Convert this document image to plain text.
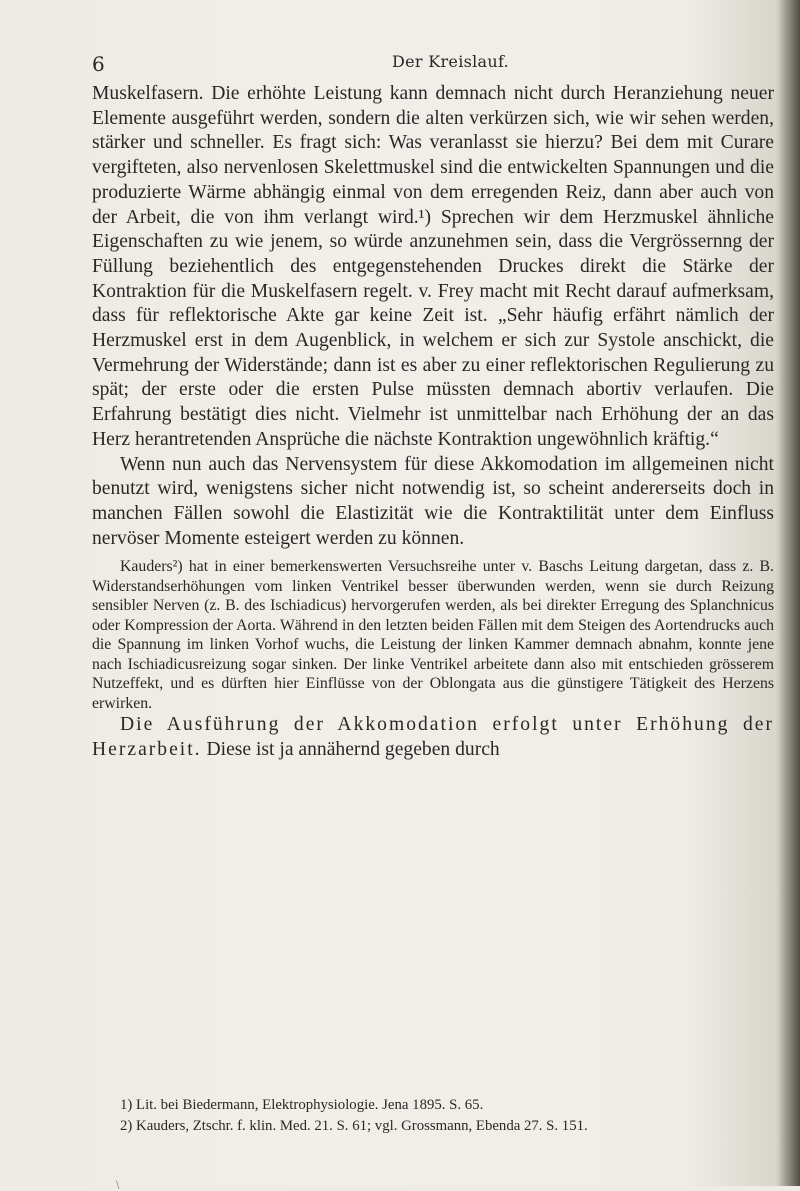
6	Der Kreislauf.

Muskelfasern. Die erhöhte Leistung kann demnach nicht durch Heranziehung neuer Elemente ausgeführt werden, sondern die alten verkürzen sich, wie wir sehen werden, stärker und schneller. Es fragt sich: Was veranlasst sie hierzu? Bei dem mit Curare vergifteten, also nervenlosen Skelettmuskel sind die entwickelten Spannungen und die produzierte Wärme abhängig einmal von dem erregenden Reiz, dann aber auch von der Arbeit, die von ihm verlangt wird.¹) Sprechen wir dem Herzmuskel ähnliche Eigenschaften zu wie jenem, so würde anzunehmen sein, dass die Vergrössernng der Füllung beziehentlich des entgegenstehenden Druckes direkt die Stärke der Kontraktion für die Muskelfasern regelt. v. Frey macht mit Recht darauf aufmerksam, dass für reflektorische Akte gar keine Zeit ist. „Sehr häufig erfährt nämlich der Herzmuskel erst in dem Augenblick, in welchem er sich zur Systole anschickt, die Vermehrung der Widerstände; dann ist es aber zu einer reflektorischen Regulierung zu spät; der erste oder die ersten Pulse müssten demnach abortiv verlaufen. Die Erfahrung bestätigt dies nicht. Vielmehr ist unmittelbar nach Erhöhung der an das Herz herantretenden Ansprüche die nächste Kontraktion ungewöhnlich kräftig.“

Wenn nun auch das Nervensystem für diese Akkomodation im allgemeinen nicht benutzt wird, wenigstens sicher nicht notwendig ist, so scheint andererseits doch in manchen Fällen sowohl die Elastizität wie die Kontraktilität unter dem Einfluss nervöser Momente esteigert werden zu können.

Kauders²) hat in einer bemerkenswerten Versuchsreihe unter v. Baschs Leitung dargetan, dass z. B. Widerstandserhöhungen vom linken Ventrikel besser überwunden werden, wenn sie durch Reizung sensibler Nerven (z. B. des Ischiadicus) hervorgerufen werden, als bei direkter Erregung des Splanchnicus oder Kompression der Aorta. Während in den letzten beiden Fällen mit dem Steigen des Aortendrucks auch die Spannung im linken Vorhof wuchs, die Leistung der linken Kammer demnach abnahm, konnte jene nach Ischiadicusreizung sogar sinken. Der linke Ventrikel arbeitete dann also mit entschieden grösserem Nutzeffekt, und es dürften hier Einflüsse von der Oblongata aus die günstigere Tätigkeit des Herzens erwirken.

Die Ausführung der Akkomodation erfolgt unter Erhöhung der Herzarbeit. Diese ist ja annähernd gegeben durch

1) Lit. bei Biedermann, Elektrophysiologie. Jena 1895. S. 65.

2) Kauders, Ztschr. f. klin. Med. 21. S. 61; vgl. Grossmann, Ebenda 27. S. 151.

\
